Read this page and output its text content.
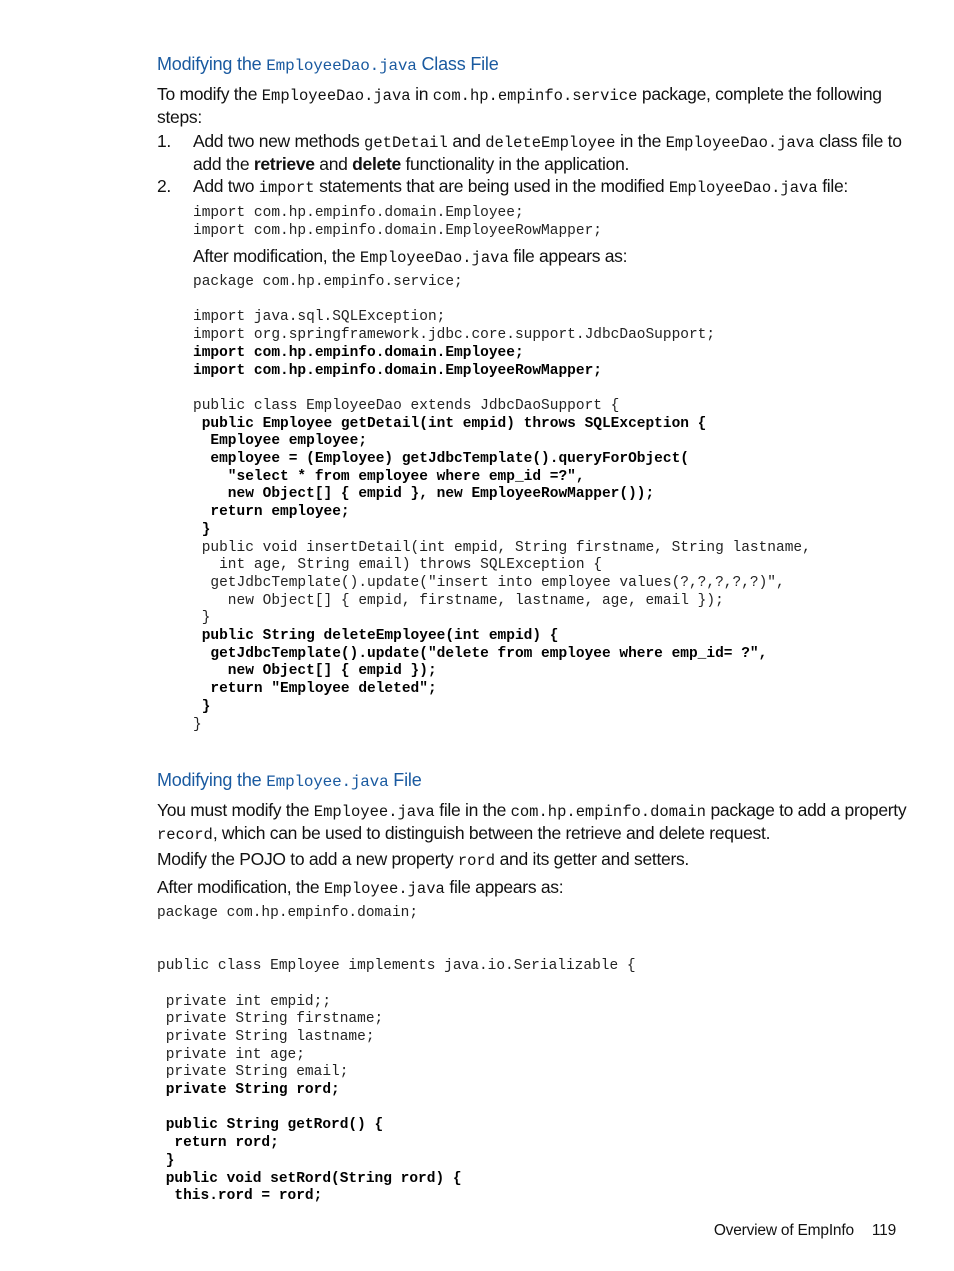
Modifying the EmployeeDao.java Class File
To modify the EmployeeDao.java in com.hp.empinfo.service package, complete the following steps:
1. Add two new methods getDetail and deleteEmployee in the EmployeeDao.java class file to add the retrieve and delete functionality in the application.
2. Add two import statements that are being used in the modified EmployeeDao.java file:
import com.hp.empinfo.domain.Employee;
import com.hp.empinfo.domain.EmployeeRowMapper;
After modification, the EmployeeDao.java file appears as:
package com.hp.empinfo.service;

import java.sql.SQLException;
import org.springframework.jdbc.core.support.JdbcDaoSupport;
import com.hp.empinfo.domain.Employee;
import com.hp.empinfo.domain.EmployeeRowMapper;

public class EmployeeDao extends JdbcDaoSupport {
public Employee getDetail(int empid) throws SQLException {
Employee employee;
employee = (Employee) getJdbcTemplate().queryForObject(
"select * from employee where emp_id =?",
new Object[] { empid }, new EmployeeRowMapper());
return employee;
}
public void insertDetail(int empid, String firstname, String lastname,
int age, String email) throws SQLException {
getJdbcTemplate().update("insert into employee values(?,?,?,?,?)",
new Object[] { empid, firstname, lastname, age, email });
}
public String deleteEmployee(int empid) {
getJdbcTemplate().update("delete from employee where emp_id= ?",
new Object[] { empid });
return "Employee deleted";
}
}
Modifying the Employee.java File
You must modify the Employee.java file in the com.hp.empinfo.domain package to add a property record, which can be used to distinguish between the retrieve and delete request.
Modify the POJO to add a new property rord and its getter and setters.
After modification, the Employee.java file appears as:
package com.hp.empinfo.domain;

public class Employee implements java.io.Serializable {

private int empid;;
private String firstname;
private String lastname;
private int age;
private String email;
private String rord;

public String getRord() {
return rord;
}
public void setRord(String rord) {
this.rord = rord;
Overview of EmpInfo 119
